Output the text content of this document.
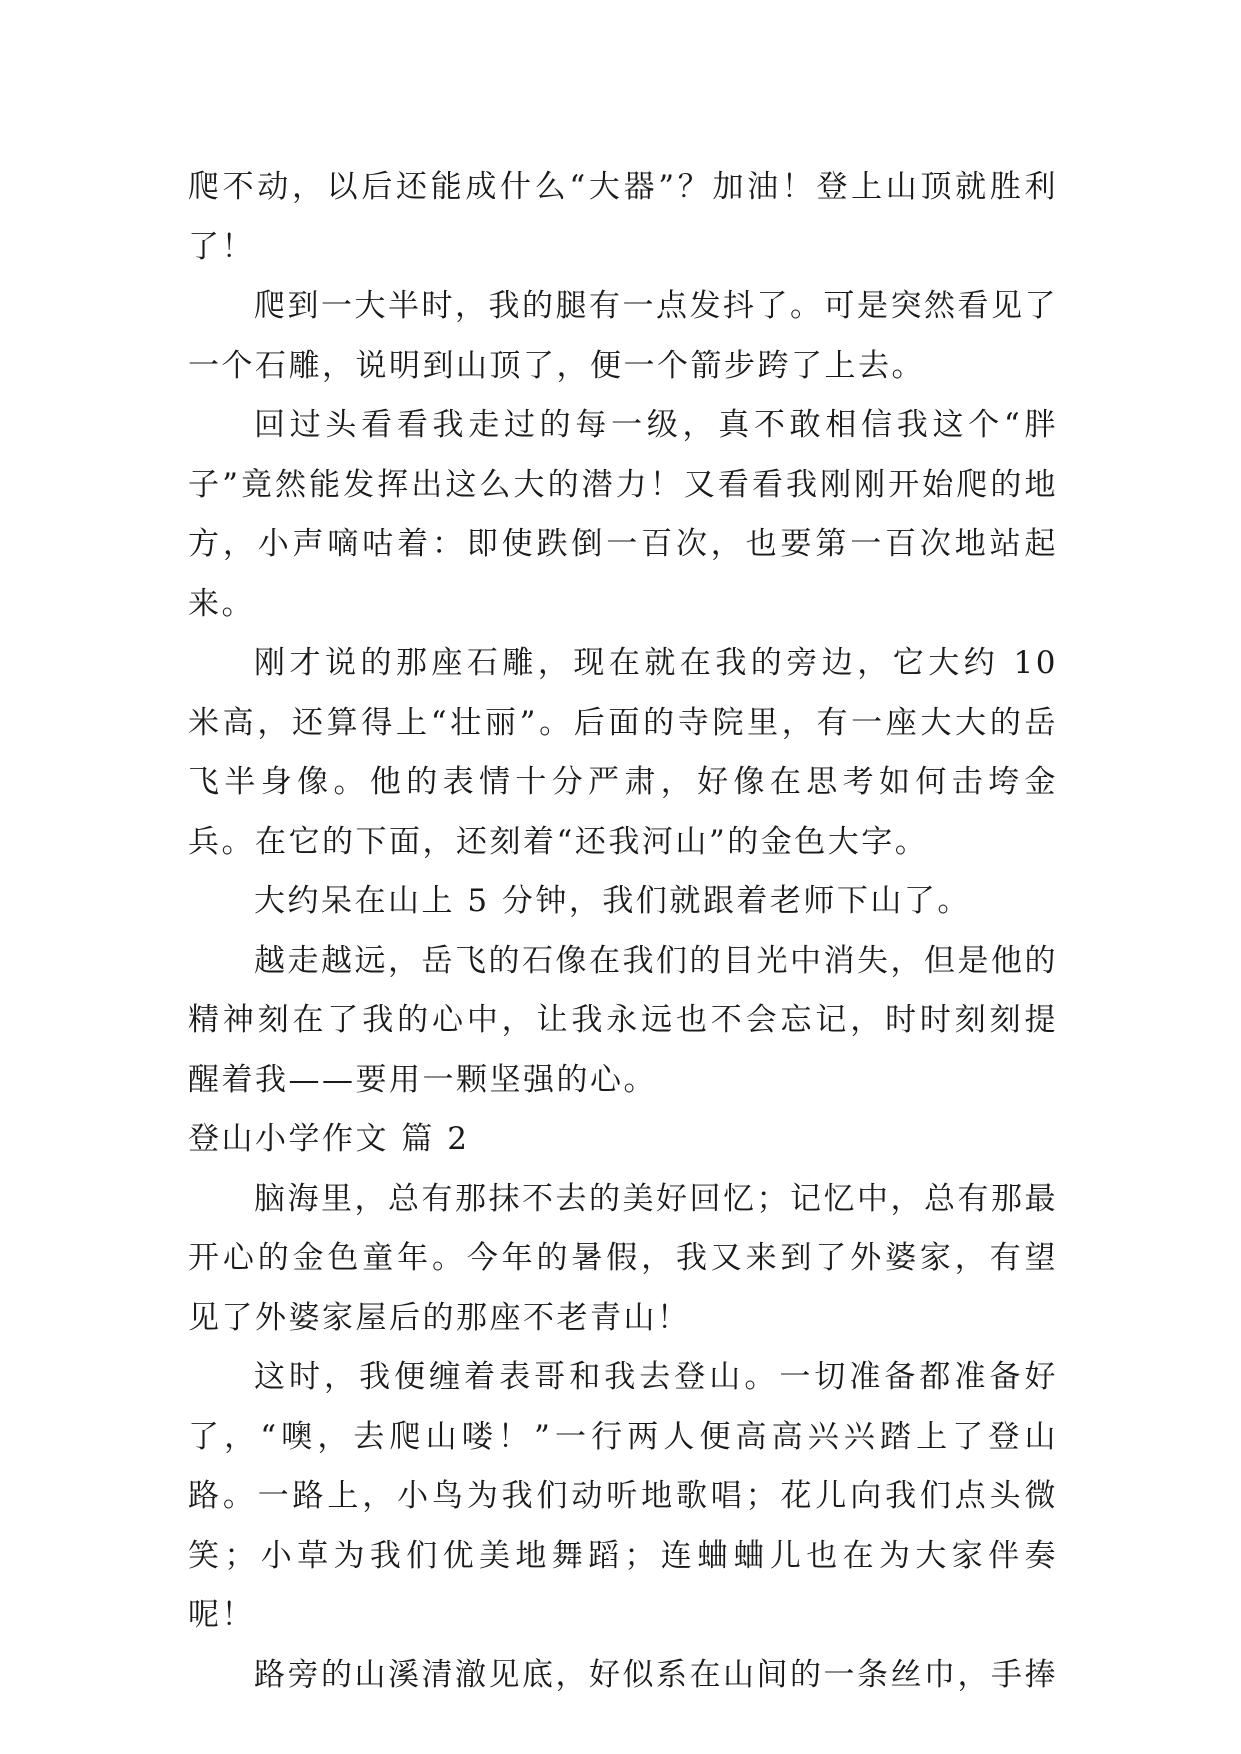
爬不动，以后还能成什么“大器”？加油！登上山顶就胜利了！

爬到一大半时，我的腿有一点发抖了。可是突然看见了一个石雕，说明到山顶了，便一个箭步跨了上去。

回过头看看我走过的每一级，真不敢相信我这个“胖子”竟然能发挥出这么大的潜力！又看看我刚刚开始爬的地方，小声嘀咕着：即使跌倒一百次，也要第一百次地站起来。

刚才说的那座石雕，现在就在我的旁边，它大约 10 米高，还算得上“壮丽”。后面的寺院里，有一座大大的岳飞半身像。他的表情十分严肃，好像在思考如何击垮金兵。在它的下面，还刻着“还我河山”的金色大字。

大约呆在山上 5 分钟，我们就跟着老师下山了。

越走越远，岳飞的石像在我们的目光中消失，但是他的精神刻在了我的心中，让我永远也不会忘记，时时刻刻提醒着我——要用一颗坚强的心。

登山小学作文 篇 2

脑海里，总有那抹不去的美好回忆；记忆中，总有那最开心的金色童年。今年的暑假，我又来到了外婆家，有望见了外婆家屋后的那座不老青山！

这时，我便缠着表哥和我去登山。一切准备都准备好了，“噢，去爬山喽！”一行两人便高高兴兴踏上了登山路。一路上，小鸟为我们动听地歌唱；花儿向我们点头微笑；小草为我们优美地舞蹈；连蛐蛐儿也在为大家伴奏呢！

路旁的山溪清澈见底，好似系在山间的一条丝巾，手捧
